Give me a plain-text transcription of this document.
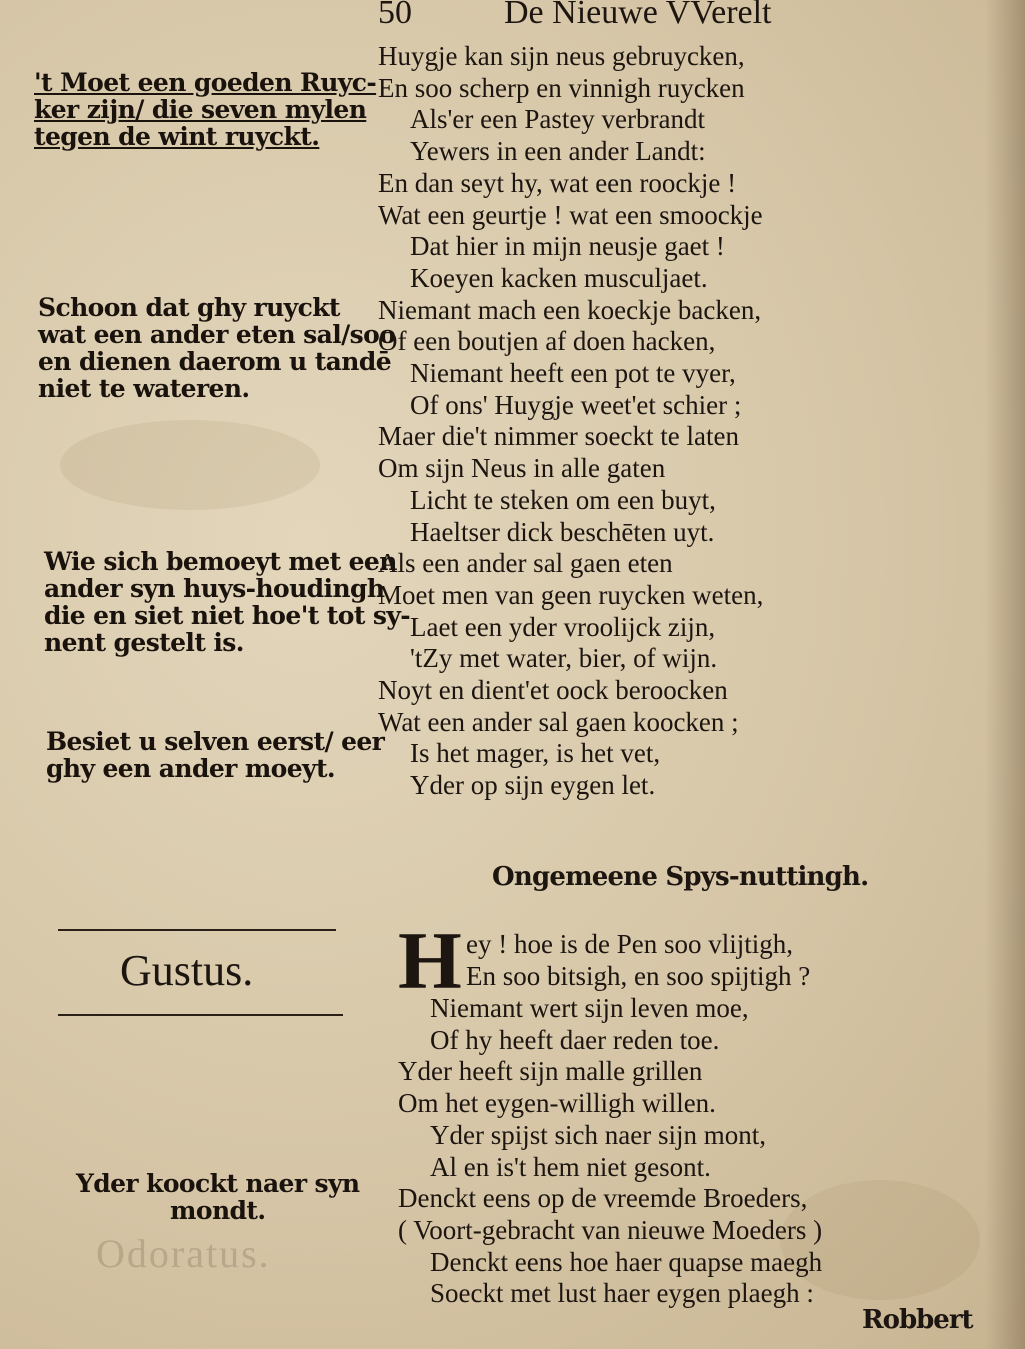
50	De Nieuwe VVerelt
't Moet een goeden Ruyc-
ker zijn/ die seven mylen
tegen de wint ruyckt.
Schoon dat ghy ruyckt
wat een ander eten sal/soo
en dienen daerom u tandē
niet te wateren.
Wie sich bemoeyt met een
ander syn huys-houdingh
die en siet niet hoe't tot sy-
nent gestelt is.
Besiet u selven eerst/ eer
ghy een ander moeyt.
Gustus.
Yder koockt naer syn
mondt.
Odoratus.
Huygje kan sijn neus gebruycken,
En soo scherp en vinnigh ruycken
Als'er een Pastey verbrandt
Yewers in een ander Landt:
En dan seyt hy, wat een roockje !
Wat een geurtje ! wat een smoockje
Dat hier in mijn neusje gaet !
Koeyen kacken musculjaet.
Niemant mach een koeckje backen,
Of een boutjen af doen hacken,
Niemant heeft een pot te vyer,
Of ons' Huygje weet'et schier ;
Maer die't nimmer soeckt te laten
Om sijn Neus in alle gaten
Licht te steken om een buyt,
Haeltser dick beschēten uyt.
Als een ander sal gaen eten
Moet men van geen ruycken weten,
Laet een yder vroolijck zijn,
'tZy met water, bier, of wijn.
Noyt en dient'et oock beroocken
Wat een ander sal gaen koocken ;
Is het mager, is het vet,
Yder op sijn eygen let.
Ongemeene Spys-nuttingh.
H ey ! hoe is de Pen soo vlijtigh,
En soo bitsigh, en soo spijtigh ?
Niemant wert sijn leven moe,
Of hy heeft daer reden toe.
Yder heeft sijn malle grillen
Om het eygen-willigh willen.
Yder spijst sich naer sijn mont,
Al en is't hem niet gesont.
Denckt eens op de vreemde Broeders,
( Voort-gebracht van nieuwe Moeders )
Denckt eens hoe haer quapse maegh
Soeckt met lust haer eygen plaegh :
Robbert
